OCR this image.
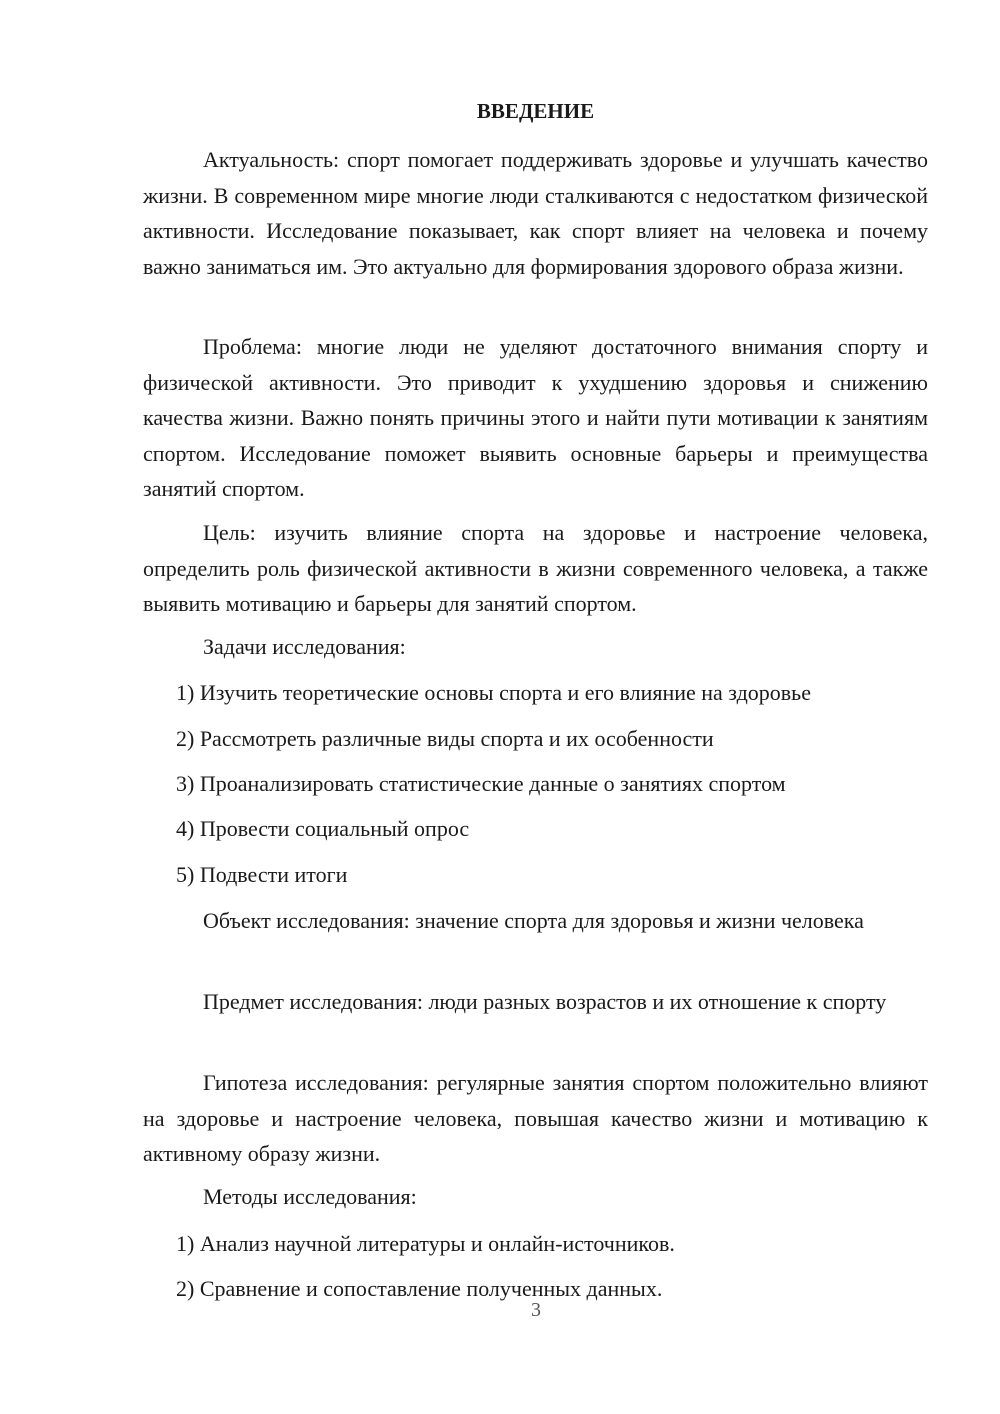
ВВЕДЕНИЕ

Актуальность: спорт помогает поддерживать здоровье и улучшать качество жизни. В современном мире многие люди сталкиваются с недостатком физической активности. Исследование показывает, как спорт влияет на человека и почему важно заниматься им. Это актуально для формирования здорового образа жизни.

Проблема: многие люди не уделяют достаточного внимания спорту и физической активности. Это приводит к ухудшению здоровья и снижению качества жизни. Важно понять причины этого и найти пути мотивации к занятиям спортом. Исследование поможет выявить основные барьеры и преимущества занятий спортом.

Цель: изучить влияние спорта на здоровье и настроение человека, определить роль физической активности в жизни современного человека, а также выявить мотивацию и барьеры для занятий спортом.

Задачи исследования:

1) Изучить теоретические основы спорта и его влияние на здоровье

2) Рассмотреть различные виды спорта и их особенности

3) Проанализировать статистические данные о занятиях спортом

4) Провести социальный опрос

5) Подвести итоги

Объект исследования: значение спорта для здоровья и жизни человека

Предмет исследования: люди разных возрастов и их отношение к спорту

Гипотеза исследования: регулярные занятия спортом положительно влияют на здоровье и настроение человека, повышая качество жизни и мотивацию к активному образу жизни.

Методы исследования:

1) Анализ научной литературы и онлайн-источников.

2) Сравнение и сопоставление полученных данных.

3
